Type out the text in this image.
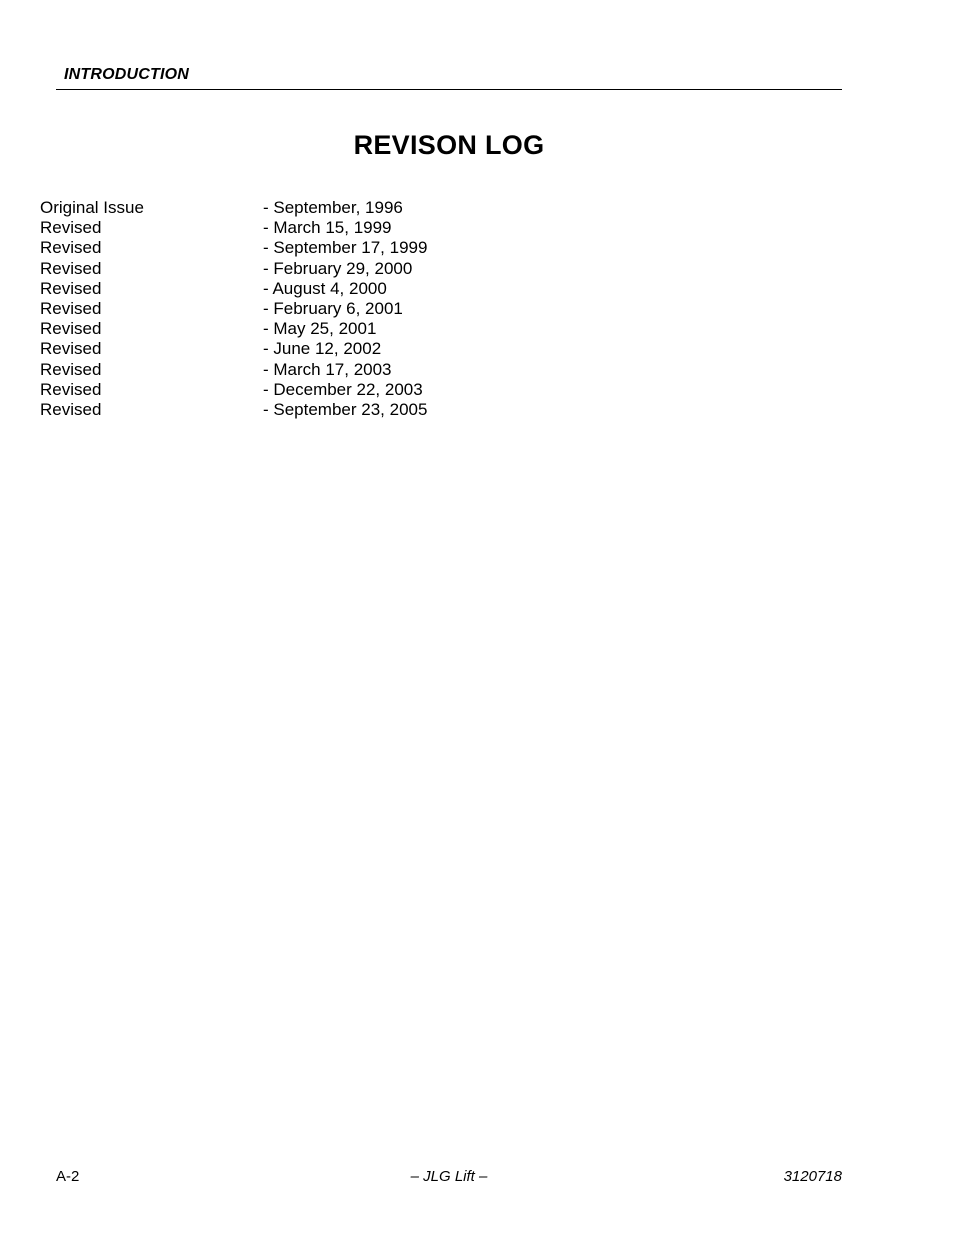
INTRODUCTION
REVISON LOG
Original Issue	- September, 1996
Revised	- March 15, 1999
Revised	- September 17, 1999
Revised	- February 29, 2000
Revised	- August 4, 2000
Revised	- February 6, 2001
Revised	- May 25, 2001
Revised	- June 12, 2002
Revised	- March 17, 2003
Revised	- December 22, 2003
Revised	- September 23, 2005
A-2	– JLG Lift –	3120718
